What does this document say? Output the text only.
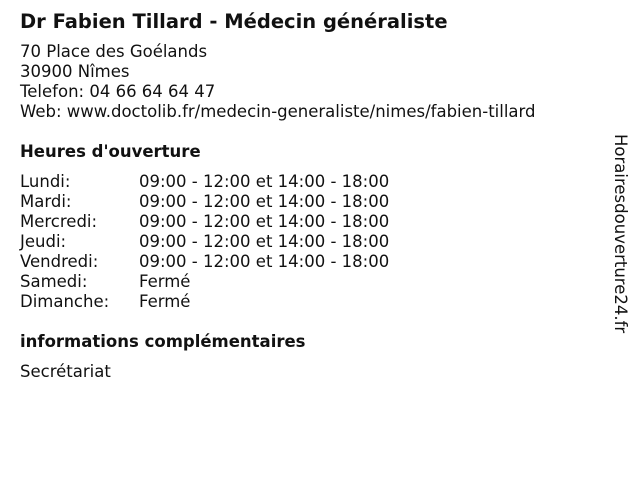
Dr Fabien Tillard - Médecin généraliste
70 Place des Goélands
30900 Nîmes
Telefon: 04 66 64 64 47
Web: www.doctolib.fr/medecin-generaliste/nimes/fabien-tillard
Heures d'ouverture
Lundi:	09:00 - 12:00 et 14:00 - 18:00
Mardi:	09:00 - 12:00 et 14:00 - 18:00
Mercredi:	09:00 - 12:00 et 14:00 - 18:00
Jeudi:	09:00 - 12:00 et 14:00 - 18:00
Vendredi:	09:00 - 12:00 et 14:00 - 18:00
Samedi:	Fermé
Dimanche:	Fermé
informations complémentaires
Secrétariat
Horairesdouverture24.fr
